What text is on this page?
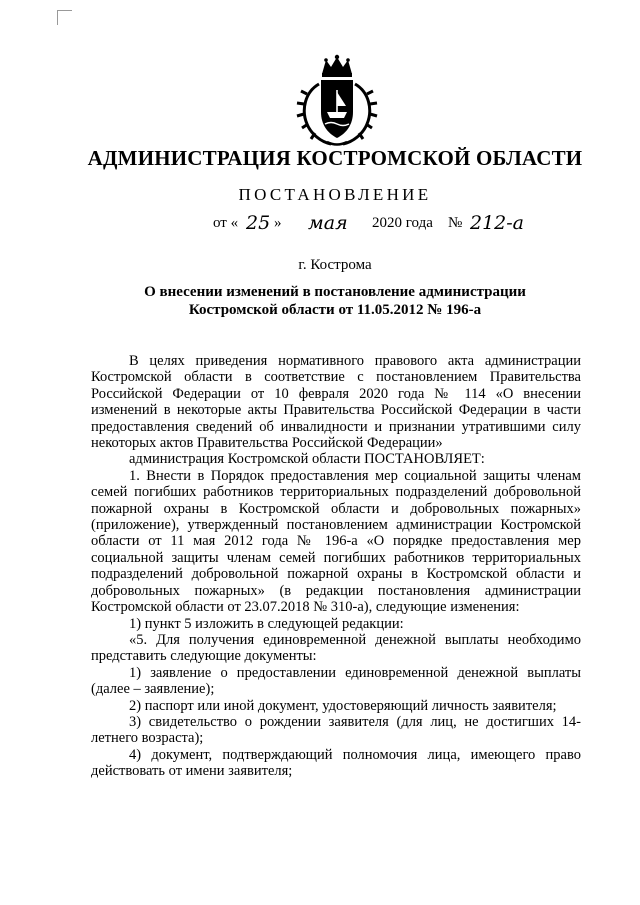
АДМИНИСТРАЦИЯ КОСТРОМСКОЙ ОБЛАСТИ
ПОСТАНОВЛЕНИЕ
от « 25 » мая 2020 года № 212-а
г. Кострома
О внесении изменений в постановление администрации
Костромской области от 11.05.2012 № 196-а

В целях приведения нормативного правового акта администрации Костромской области в соответствие с постановлением Правительства Российской Федерации от 10 февраля 2020 года № 114 «О внесении изменений в некоторые акты Правительства Российской Федерации в части предоставления сведений об инвалидности и признании утратившими силу некоторых актов Правительства Российской Федерации»

администрация Костромской области ПОСТАНОВЛЯЕТ:

1. Внести в Порядок предоставления мер социальной защиты членам семей погибших работников территориальных подразделений добровольной пожарной охраны в Костромской области и добровольных пожарных» (приложение), утвержденный постановлением администрации Костромской области от 11 мая 2012 года № 196-а «О порядке предоставления мер социальной защиты членам семей погибших работников территориальных подразделений добровольной пожарной охраны в Костромской области и добровольных пожарных» (в редакции постановления администрации Костромской области от 23.07.2018 № 310-а), следующие изменения:

1) пункт 5 изложить в следующей редакции:

«5. Для получения единовременной денежной выплаты необходимо представить следующие документы:

1) заявление о предоставлении единовременной денежной выплаты (далее – заявление);

2) паспорт или иной документ, удостоверяющий личность заявителя;

3) свидетельство о рождении заявителя (для лиц, не достигших 14-летнего возраста);

4) документ, подтверждающий полномочия лица, имеющего право действовать от имени заявителя;
